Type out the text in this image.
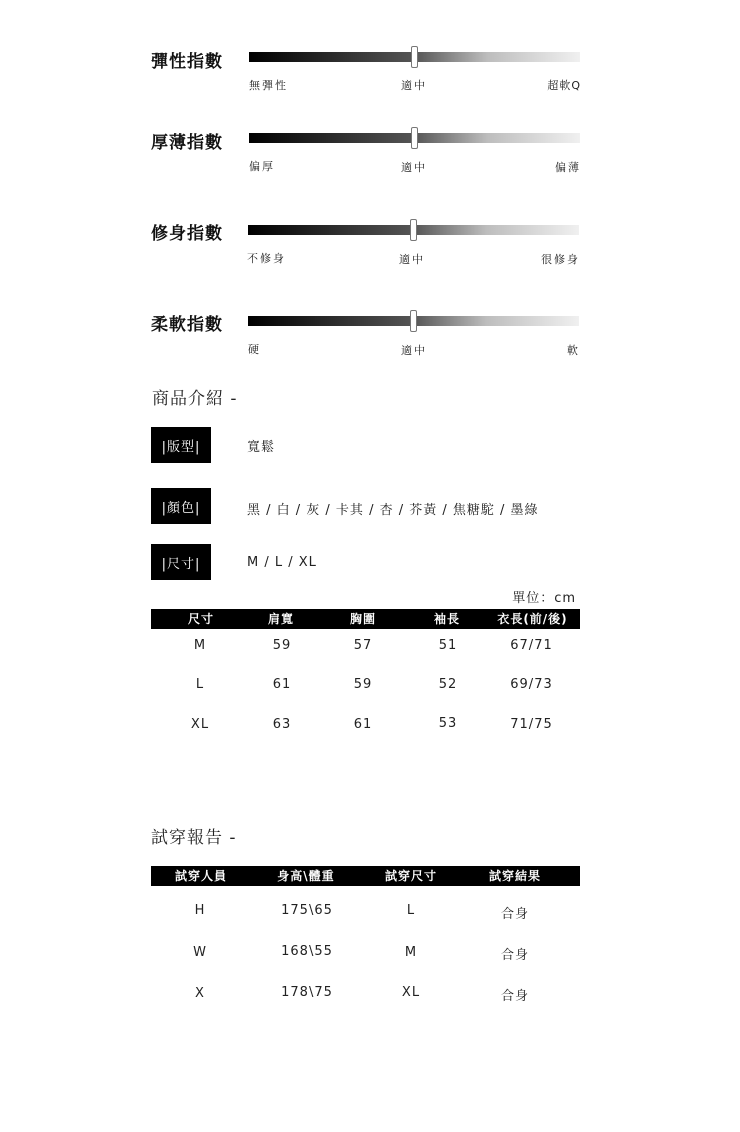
彈性指數
無彈性	適中	超軟Q
厚薄指數
偏厚	適中	偏薄
修身指數
不修身	適中	很修身
柔軟指數
硬	適中	軟
商品介紹 -
|版型|	寬鬆
|顏色|	黑 / 白 / 灰 / 卡其 / 杏 / 芥黃 / 焦糖駝 / 墨綠
|尺寸|	M / L / XL
單位：cm
尺寸	肩寬	胸圍	袖長	衣長(前/後)
M	59	57	51	67/71
L	61	59	52	69/73
XL	63	61	53	71/75
試穿報告 -
試穿人員	身高\體重	試穿尺寸	試穿結果
H	175\65	L	合身
W	168\55	M	合身
X	178\75	XL	合身
